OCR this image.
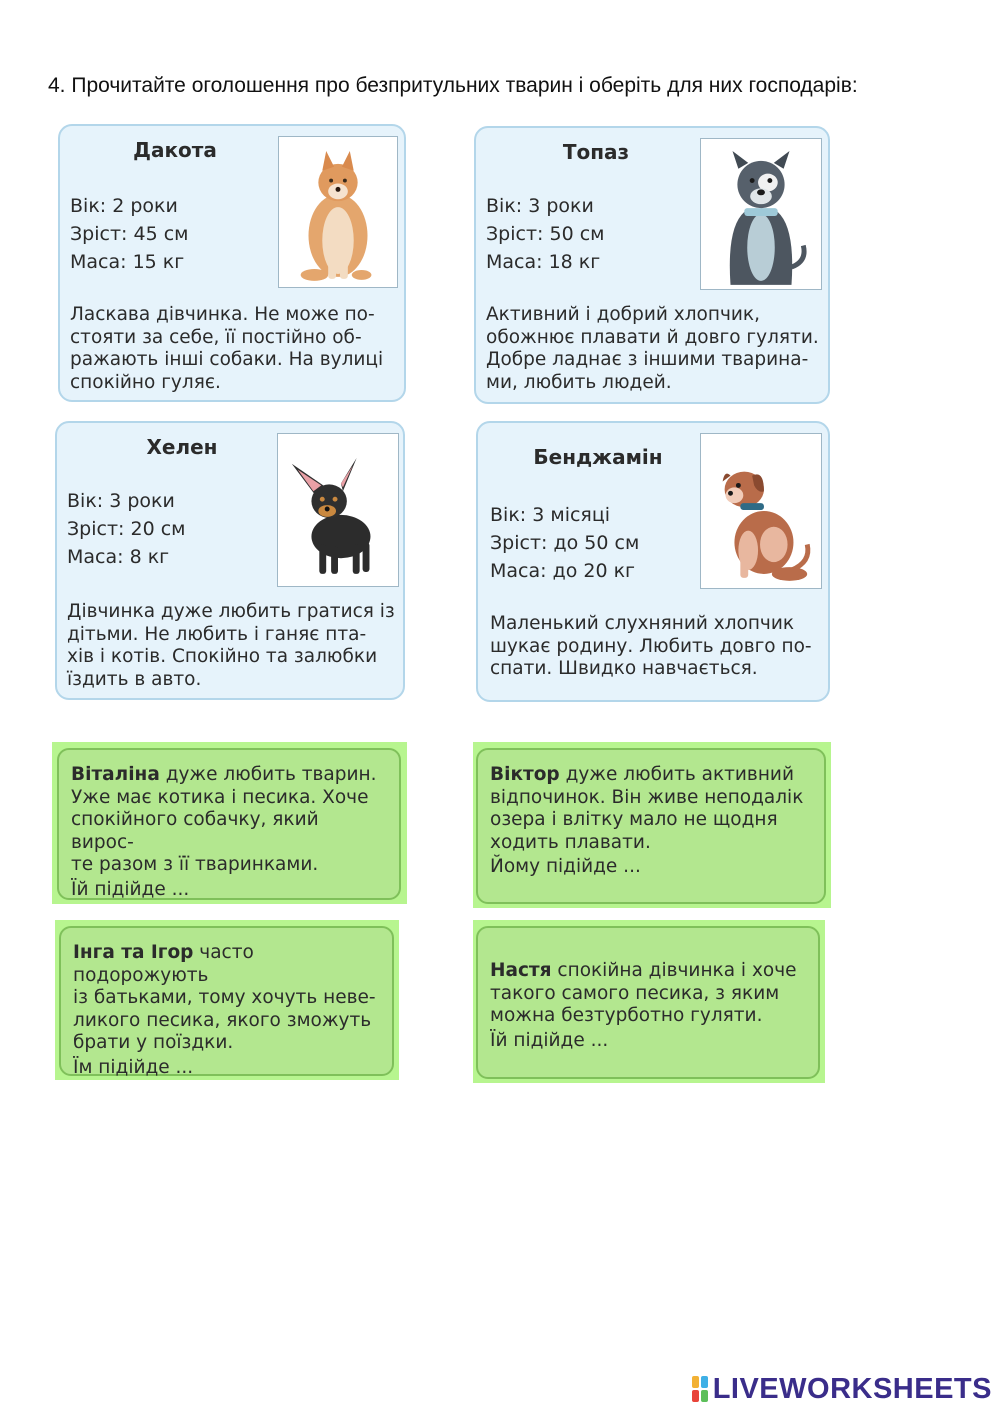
4. Прочитайте оголошення про безпритульних тварин і оберіть для них господарів:
Дакота
Вік: 2 роки
Зріст: 45 см
Маса: 15 кг
Ласкава дівчинка. Не може по-
стояти за себе, її постійно об-
ражають інші собаки. На вулиці
спокійно гуляє.
Топаз
Вік: 3 роки
Зріст: 50 см
Маса: 18 кг
Активний і добрий хлопчик,
обожнює плавати й довго гуляти.
Добре ладнає з іншими тварина-
ми, любить людей.
Хелен
Вік: 3 роки
Зріст: 20 см
Маса: 8 кг
Дівчинка дуже любить гратися із
дітьми. Не любить і ганяє пта-
хів і котів. Спокійно та залюбки
їздить в авто.
Бенджамін
Вік: 3 місяці
Зріст: до 50 см
Маса: до 20 кг
Маленький слухняний хлопчик
шукає родину. Любить довго по-
спати. Швидко навчається.
Віталіна дуже любить тварин.
Уже має котика і песика. Хоче
спокійного собачку, який вирос-
те разом з її тваринками.
Їй підійде ...
Віктор дуже любить активний
відпочинок. Він живе неподалік
озера і влітку мало не щодня
ходить плавати.
Йому підійде ...
Інга та Ігор часто подорожують
із батьками, тому хочуть неве-
ликого песика, якого зможуть
брати у поїздки.
Їм підійде ...
Настя спокійна дівчинка і хоче
такого самого песика, з яким
можна безтурботно гуляти.
Їй підійде ...
LIVEWORKSHEETS
